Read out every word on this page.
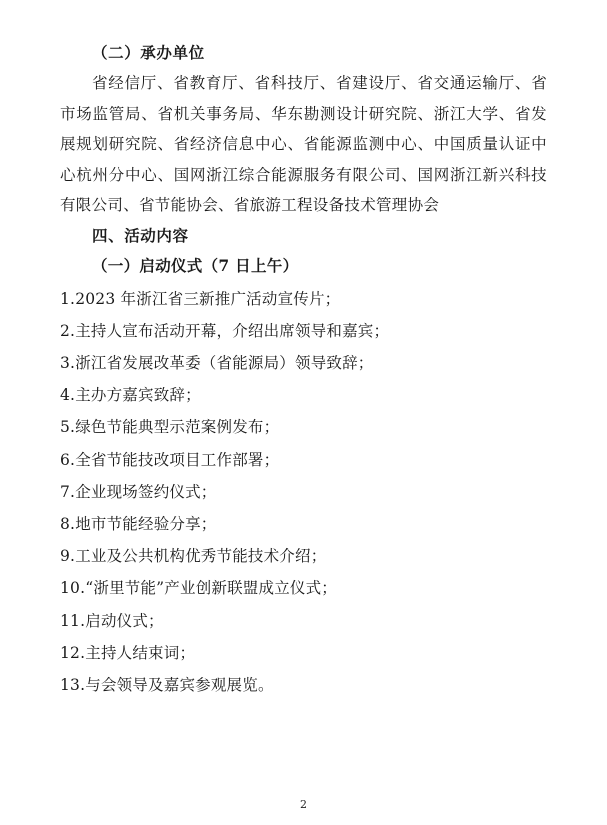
（二）承办单位

省经信厅、省教育厅、省科技厅、省建设厅、省交通运输厅、省市场监管局、省机关事务局、华东勘测设计研究院、浙江大学、省发展规划研究院、省经济信息中心、省能源监测中心、中国质量认证中心杭州分中心、国网浙江综合能源服务有限公司、国网浙江新兴科技有限公司、省节能协会、省旅游工程设备技术管理协会

四、活动内容

（一）启动仪式（7 日上午）

1.2023 年浙江省三新推广活动宣传片；

2.主持人宣布活动开幕，介绍出席领导和嘉宾；

3.浙江省发展改革委（省能源局）领导致辞；

4.主办方嘉宾致辞；

5.绿色节能典型示范案例发布；

6.全省节能技改项目工作部署；

7.企业现场签约仪式；

8.地市节能经验分享；

9.工业及公共机构优秀节能技术介绍；

10.“浙里节能”产业创新联盟成立仪式；

11.启动仪式；

12.主持人结束词；

13.与会领导及嘉宾参观展览。

2
